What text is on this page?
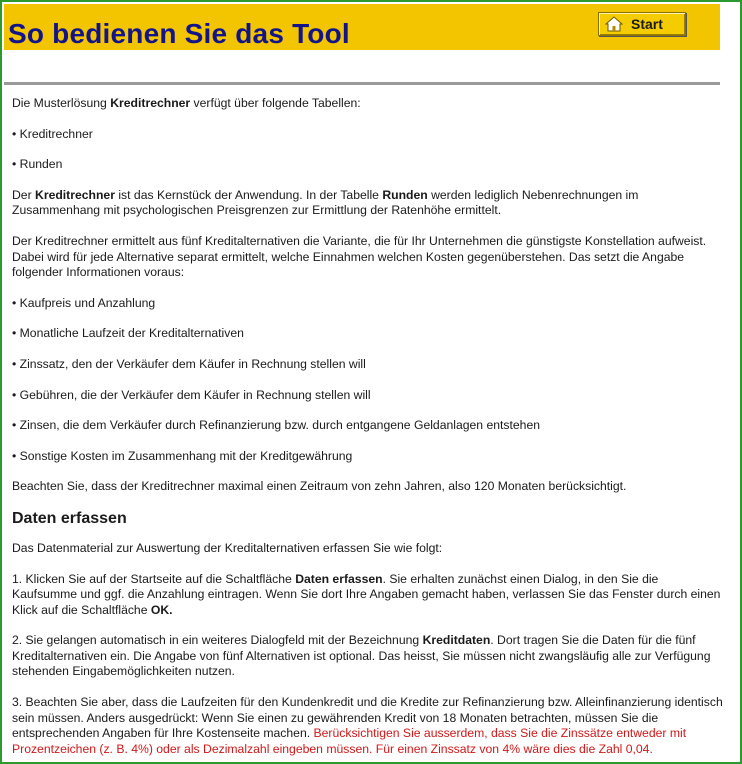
So bedienen Sie das Tool	Start

Die Musterlösung Kreditrechner verfügt über folgende Tabellen:

• Kreditrechner

• Runden

Der Kreditrechner ist das Kernstück der Anwendung. In der Tabelle Runden werden lediglich Nebenrechnungen im Zusammenhang mit psychologischen Preisgrenzen zur Ermittlung der Ratenhöhe ermittelt.

Der Kreditrechner ermittelt aus fünf Kreditalternativen die Variante, die für Ihr Unternehmen die günstigste Konstellation aufweist. Dabei wird für jede Alternative separat ermittelt, welche Einnahmen welchen Kosten gegenüberstehen. Das setzt die Angabe folgender Informationen voraus:

• Kaufpreis und Anzahlung

• Monatliche Laufzeit der Kreditalternativen

• Zinssatz, den der Verkäufer dem Käufer in Rechnung stellen will

• Gebühren, die der Verkäufer dem Käufer in Rechnung stellen will

• Zinsen, die dem Verkäufer durch Refinanzierung bzw. durch entgangene Geldanlagen entstehen

• Sonstige Kosten im Zusammenhang mit der Kreditgewährung

Beachten Sie, dass der Kreditrechner maximal einen Zeitraum von zehn Jahren, also 120 Monaten berücksichtigt.

Daten erfassen

Das Datenmaterial zur Auswertung der Kreditalternativen erfassen Sie wie folgt:

1. Klicken Sie auf der Startseite auf die Schaltfläche Daten erfassen. Sie erhalten zunächst einen Dialog, in den Sie die Kaufsumme und ggf. die Anzahlung eintragen. Wenn Sie dort Ihre Angaben gemacht haben, verlassen Sie das Fenster durch einen Klick auf die Schaltfläche OK.

2. Sie gelangen automatisch in ein weiteres Dialogfeld mit der Bezeichnung Kreditdaten. Dort tragen Sie die Daten für die fünf Kreditalternativen ein. Die Angabe von fünf Alternativen ist optional. Das heisst, Sie müssen nicht zwangsläufig alle zur Verfügung stehenden Eingabemöglichkeiten nutzen.

3. Beachten Sie aber, dass die Laufzeiten für den Kundenkredit und die Kredite zur Refinanzierung bzw. Alleinfinanzierung identisch sein müssen. Anders ausgedrückt: Wenn Sie einen zu gewährenden Kredit von 18 Monaten betrachten, müssen Sie die entsprechenden Angaben für Ihre Kostenseite machen. Berücksichtigen Sie ausserdem, dass Sie die Zinssätze entweder mit Prozentzeichen (z. B. 4%) oder als Dezimalzahl eingeben müssen. Für einen Zinssatz von 4% wäre dies die Zahl 0,04.
